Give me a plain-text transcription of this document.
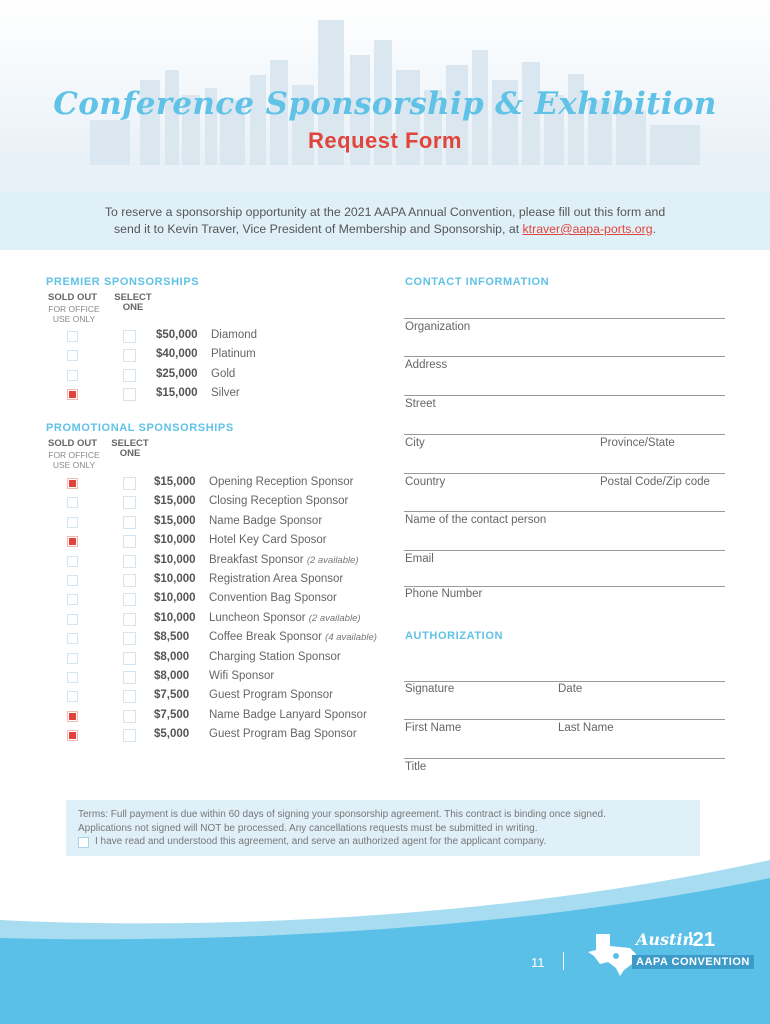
Conference Sponsorship & Exhibition
Request Form
To reserve a sponsorship opportunity at the 2021 AAPA Annual Convention, please fill out this form and
send it to Kevin Traver, Vice President of Membership and Sponsorship, at ktraver@aapa-ports.org.
PREMIER SPONSORSHIPS
SOLD OUT
FOR OFFICE
USE ONLY
SELECT
ONE
$50,000 Diamond
$40,000 Platinum
$25,000 Gold
$15,000 Silver
PROMOTIONAL SPONSORSHIPS
SOLD OUT
FOR OFFICE
USE ONLY
SELECT
ONE
$15,000 Opening Reception Sponsor
$15,000 Closing Reception Sponsor
$15,000 Name Badge Sponsor
$10,000 Hotel Key Card Sposor
$10,000 Breakfast Sponsor (2 available)
$10,000 Registration Area Sponsor
$10,000 Convention Bag Sponsor
$10,000 Luncheon Sponsor (2 available)
$8,500 Coffee Break Sponsor (4 available)
$8,000 Charging Station Sponsor
$8,000 Wifi Sponsor
$7,500 Guest Program Sponsor
$7,500 Name Badge Lanyard Sponsor
$5,000 Guest Program Bag Sponsor
CONTACT INFORMATION
Organization
Address
Street
City	Province/State
Country	Postal Code/Zip code
Name of the contact person
Email
Phone Number
AUTHORIZATION
Signature	Date
First Name	Last Name
Title
Terms: Full payment is due within 60 days of signing your sponsorship agreement. This contract is binding once signed.
Applications not signed will NOT be processed. Any cancellations requests must be submitted in writing.
I have read and understood this agreement, and serve an authorized agent for the applicant company.
11
Austin
'21
AAPA CONVENTION
